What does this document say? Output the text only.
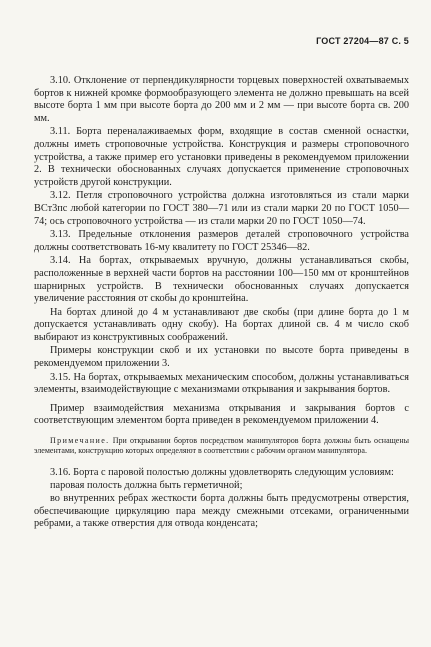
ГОСТ 27204—87 С. 5

3.10. Отклонение от перпендикулярности торцевых поверхностей охватываемых бортов к нижней кромке формообразующего элемента не должно превышать на всей высоте борта 1 мм при высоте борта до 200 мм и 2 мм — при высоте борта св. 200 мм.

3.11. Борта переналаживаемых форм, входящие в состав сменной оснастки, должны иметь строповочные устройства. Конструкция и размеры строповочного устройства, а также пример его установки приведены в рекомендуемом приложении 2. В технически обоснованных случаях допускается применение строповочных устройств другой конструкции.

3.12. Петля строповочного устройства должна изготовляться из стали марки ВСт3пс любой категории по ГОСТ 380—71 или из стали марки 20 по ГОСТ 1050—74; ось строповочного устройства — из стали марки 20 по ГОСТ 1050—74.

3.13. Предельные отклонения размеров деталей строповочного устройства должны соответствовать 16-му квалитету по ГОСТ 25346—82.

3.14. На бортах, открываемых вручную, должны устанавливаться скобы, расположенные в верхней части бортов на расстоянии 100—150 мм от кронштейнов шарнирных устройств. В технически обоснованных случаях допускается увеличение расстояния от скобы до кронштейна.

На бортах длиной до 4 м устанавливают две скобы (при длине борта до 1 м допускается устанавливать одну скобу). На бортах длиной св. 4 м число скоб выбирают из конструктивных соображений.

Примеры конструкции скоб и их установки по высоте борта приведены в рекомендуемом приложении 3.

3.15. На бортах, открываемых механическим способом, должны устанавливаться элементы, взаимодействующие с механизмами открывания и закрывания бортов.

Пример взаимодействия механизма открывания и закрывания бортов с соответствующим элементом борта приведен в рекомендуемом приложении 4.

Примечание. При открывании бортов посредством манипуляторов борта должны быть оснащены элементами, конструкцию которых определяют в соответствии с рабочим органом манипулятора.

3.16. Борта с паровой полостью должны удовлетворять следующим условиям:

паровая полость должна быть герметичной;

во внутренних ребрах жесткости борта должны быть предусмотрены отверстия, обеспечивающие циркуляцию пара между смежными отсеками, ограниченными ребрами, а также отверстия для отвода конденсата;
